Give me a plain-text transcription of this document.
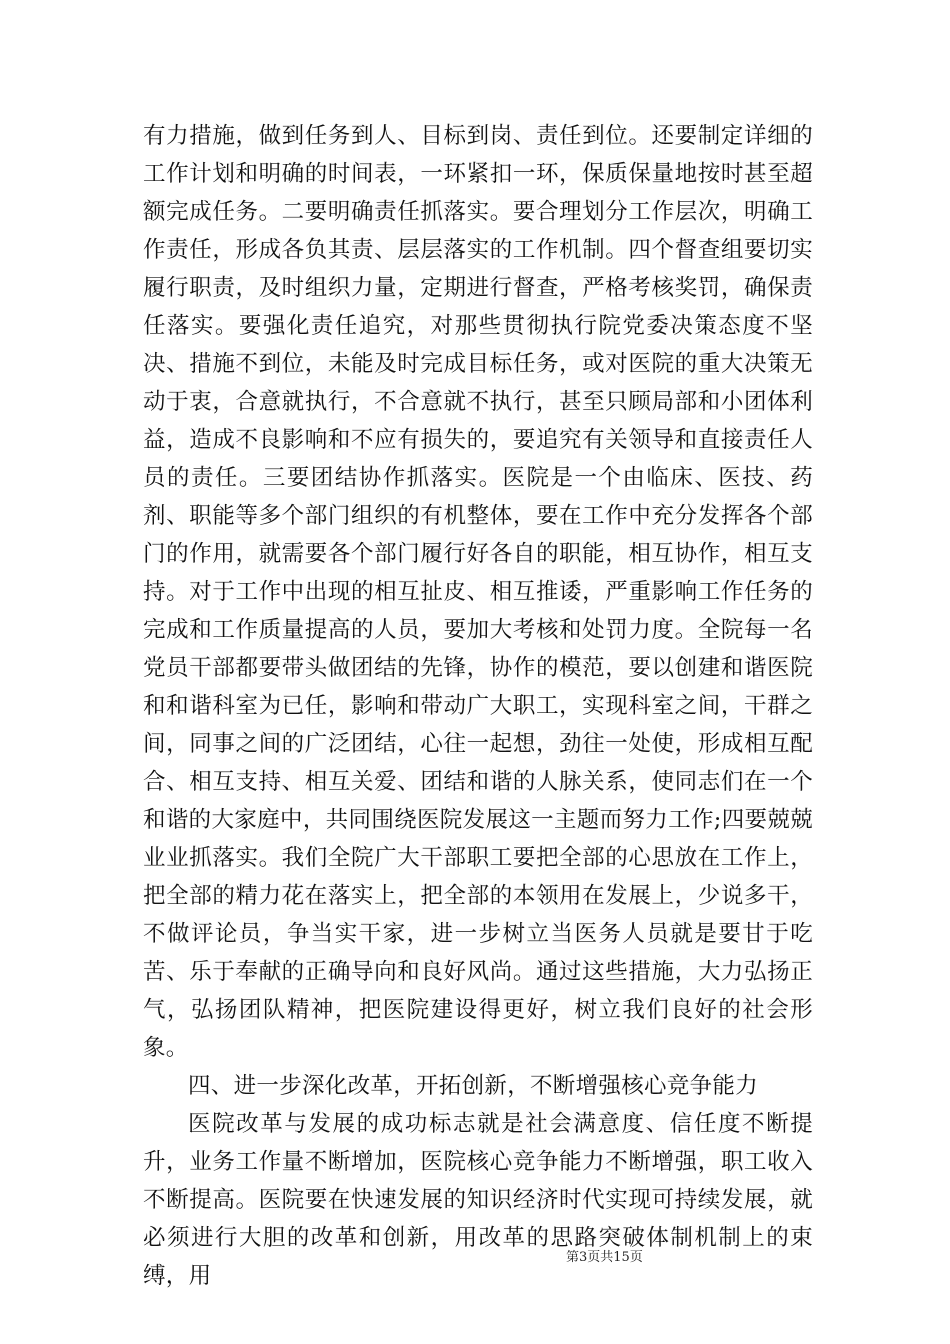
有力措施，做到任务到人、目标到岗、责任到位。还要制定详细的工作计划和明确的时间表，一环紧扣一环，保质保量地按时甚至超额完成任务。二要明确责任抓落实。要合理划分工作层次，明确工作责任，形成各负其责、层层落实的工作机制。四个督查组要切实履行职责，及时组织力量，定期进行督查，严格考核奖罚，确保责任落实。要强化责任追究，对那些贯彻执行院党委决策态度不坚决、措施不到位，未能及时完成目标任务，或对医院的重大决策无动于衷，合意就执行，不合意就不执行，甚至只顾局部和小团体利益，造成不良影响和不应有损失的，要追究有关领导和直接责任人员的责任。三要团结协作抓落实。医院是一个由临床、医技、药剂、职能等多个部门组织的有机整体，要在工作中充分发挥各个部门的作用，就需要各个部门履行好各自的职能，相互协作，相互支持。对于工作中出现的相互扯皮、相互推诿，严重影响工作任务的完成和工作质量提高的人员，要加大考核和处罚力度。全院每一名党员干部都要带头做团结的先锋，协作的模范，要以创建和谐医院和和谐科室为已任，影响和带动广大职工，实现科室之间，干群之间，同事之间的广泛团结，心往一起想，劲往一处使，形成相互配合、相互支持、相互关爱、团结和谐的人脉关系，使同志们在一个和谐的大家庭中，共同围绕医院发展这一主题而努力工作;四要兢兢业业抓落实。我们全院广大干部职工要把全部的心思放在工作上，把全部的精力花在落实上，把全部的本领用在发展上，少说多干，不做评论员，争当实干家，进一步树立当医务人员就是要甘于吃苦、乐于奉献的正确导向和良好风尚。通过这些措施，大力弘扬正气，弘扬团队精神，把医院建设得更好，树立我们良好的社会形象。

四、进一步深化改革，开拓创新，不断增强核心竞争能力

医院改革与发展的成功标志就是社会满意度、信任度不断提升，业务工作量不断增加，医院核心竞争能力不断增强，职工收入不断提高。医院要在快速发展的知识经济时代实现可持续发展，就必须进行大胆的改革和创新，用改革的思路突破体制机制上的束缚，用

第3页共15页
